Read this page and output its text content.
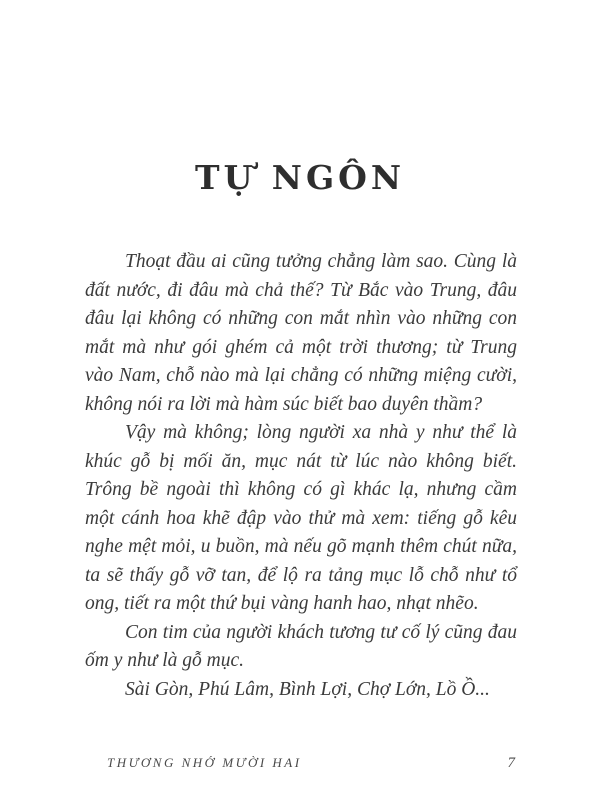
TỰ NGÔN

Thoạt đầu ai cũng tưởng chẳng làm sao. Cùng là đất nước, đi đâu mà chả thế? Từ Bắc vào Trung, đâu đâu lại không có những con mắt nhìn vào những con mắt mà như gói ghém cả một trời thương; từ Trung vào Nam, chỗ nào mà lại chẳng có những miệng cười, không nói ra lời mà hàm súc biết bao duyên thầm?

Vậy mà không; lòng người xa nhà y như thể là khúc gỗ bị mối ăn, mục nát từ lúc nào không biết. Trông bề ngoài thì không có gì khác lạ, nhưng cầm một cánh hoa khẽ đập vào thử mà xem: tiếng gỗ kêu nghe mệt mỏi, u buồn, mà nếu gõ mạnh thêm chút nữa, ta sẽ thấy gỗ vỡ tan, để lộ ra tảng mục lỗ chỗ như tổ ong, tiết ra một thứ bụi vàng hanh hao, nhạt nhẽo.

Con tim của người khách tương tư cố lý cũng đau ốm y như là gỗ mục.

Sài Gòn, Phú Lâm, Bình Lợi, Chợ Lớn, Lồ Ồ...

THƯƠNG NHỚ MƯỜI HAI	7
